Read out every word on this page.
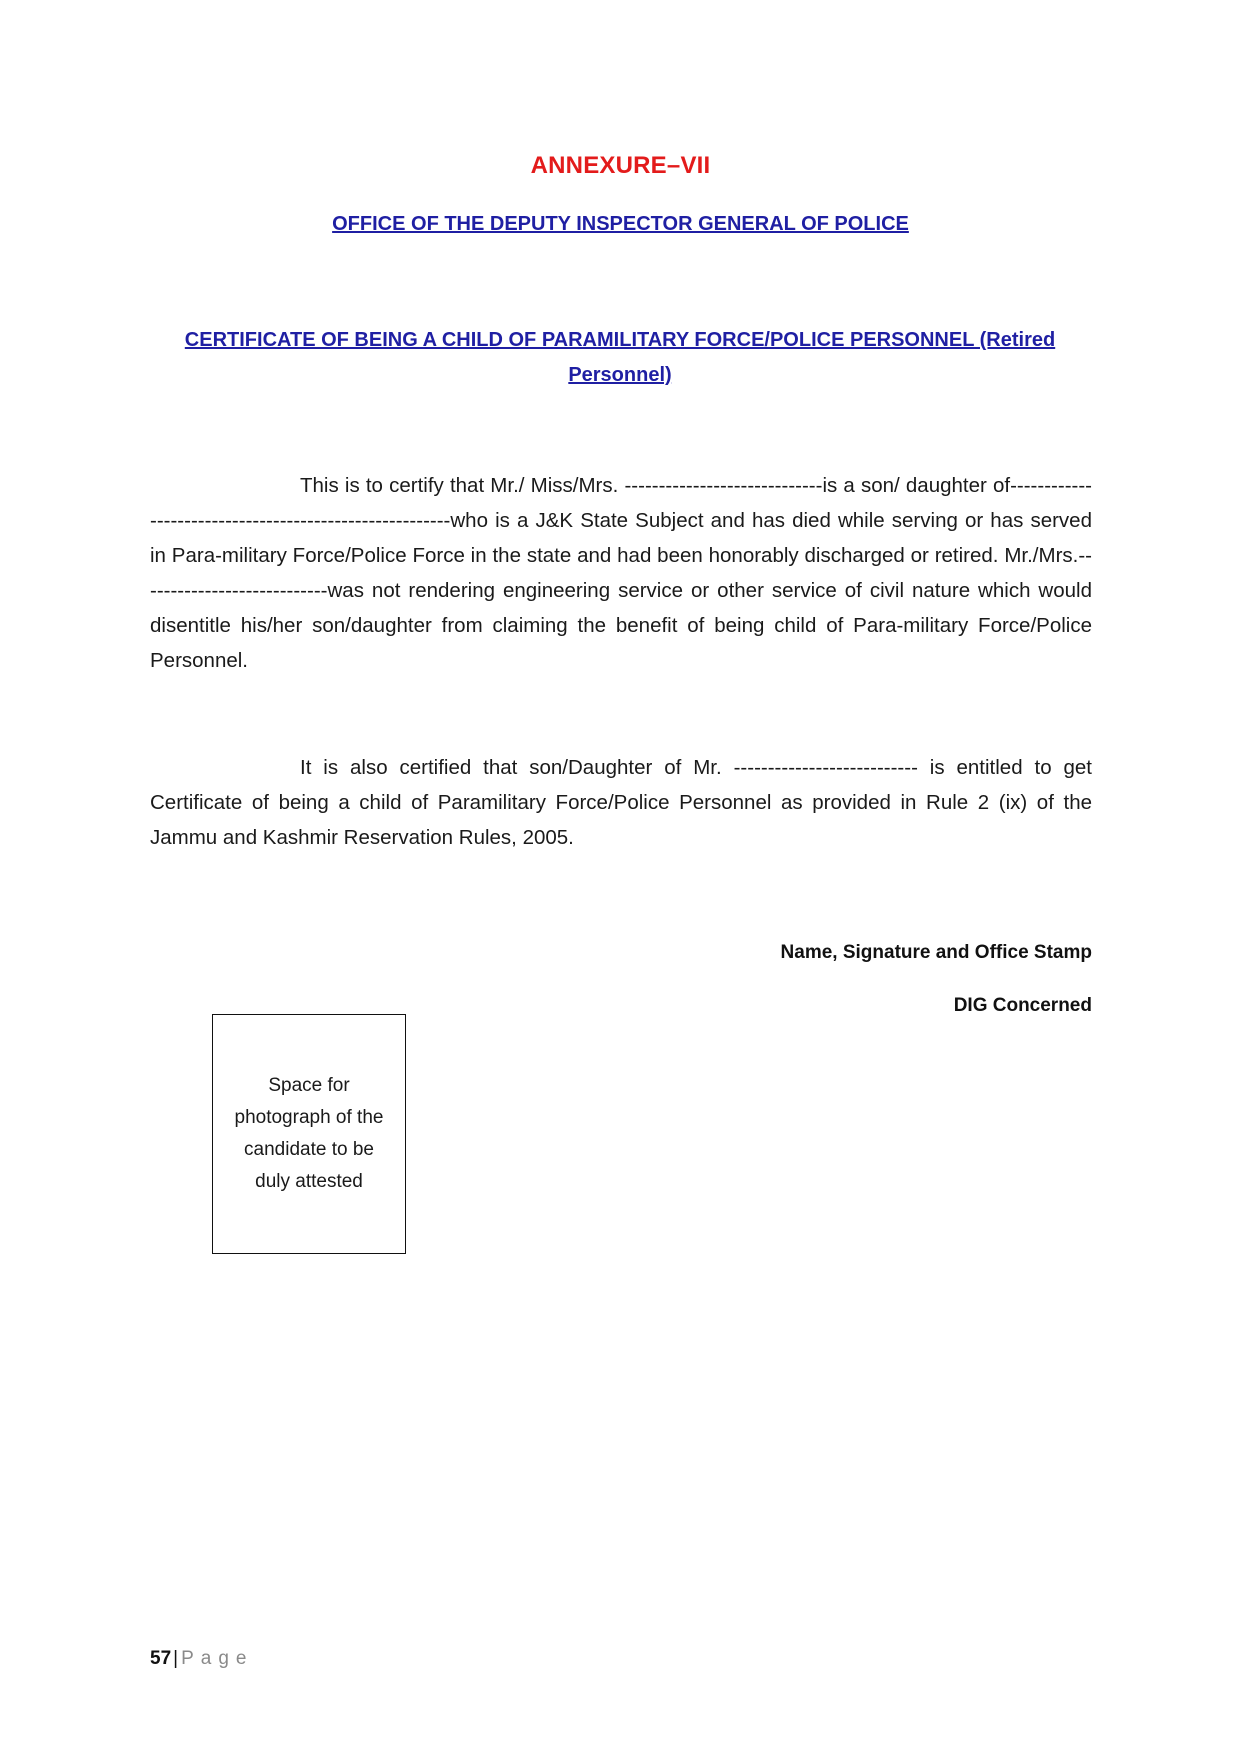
ANNEXURE–VII
OFFICE OF THE DEPUTY INSPECTOR GENERAL OF POLICE
CERTIFICATE OF BEING A CHILD OF PARAMILITARY FORCE/POLICE PERSONNEL (Retired Personnel)
This is to certify that Mr./ Miss/Mrs. -----------------------------is a son/ daughter of--------------------------------------------------------who is a J&K State Subject and has died while serving or has served in Para-military Force/Police Force in the state and had been honorably discharged or retired. Mr./Mrs.----------------------------was not rendering engineering service or other service of civil nature which would disentitle his/her son/daughter from claiming the benefit of being child of Para-military Force/Police Personnel.
It is also certified that son/Daughter of Mr. --------------------------- is entitled to get Certificate of being a child of Paramilitary Force/Police Personnel as provided in Rule 2 (ix) of the Jammu and Kashmir Reservation Rules, 2005.
Name, Signature and Office Stamp
DIG Concerned
Space for photograph of the candidate to be duly attested
57 | Page
